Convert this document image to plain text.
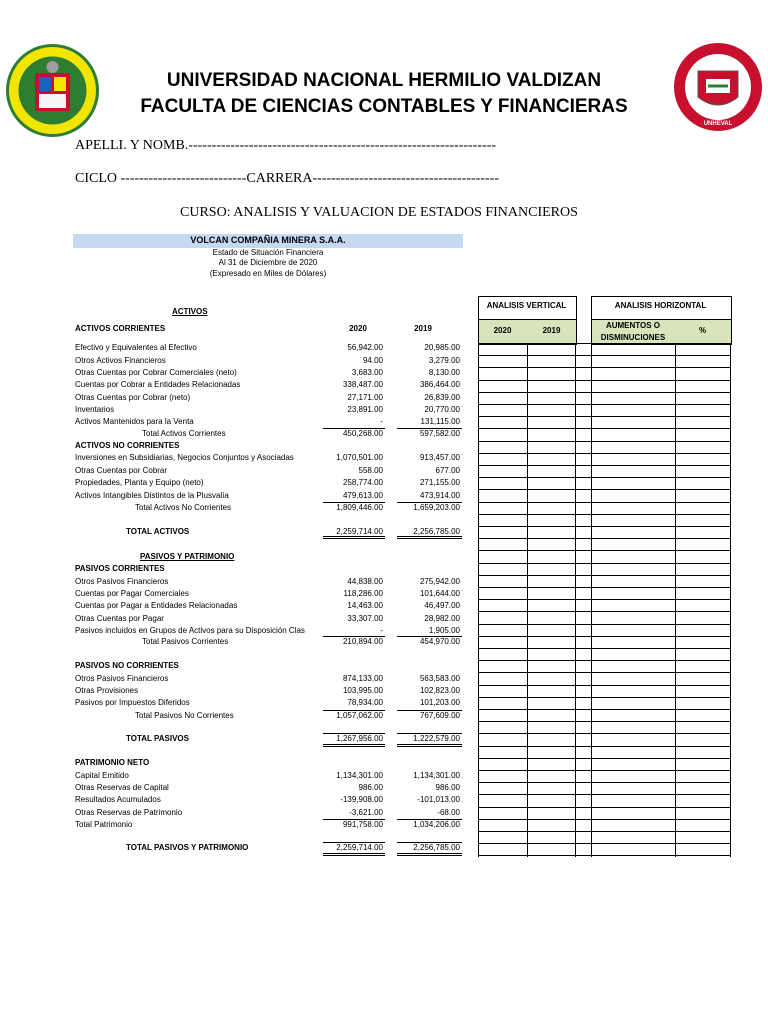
UNHEVAL
UNIVERSIDAD NACIONAL HERMILIO VALDIZAN
FACULTA DE CIENCIAS CONTABLES Y FINANCIERAS
APELLI. Y NOMB.------------------------------------------------------------------
CICLO ---------------------------CARRERA----------------------------------------
CURSO: ANALISIS Y VALUACION DE ESTADOS FINANCIEROS
VOLCAN COMPAÑIA MINERA S.A.A.
Estado de Situación Financiera
Al 31 de Diciembre de 2020
(Expresado en Miles de Dólares)
ACTIVOS
ANALISIS VERTICAL
2020	2019
ANALISIS HORIZONTAL
AUMENTOS O
DISMINUCIONES
%
ACTIVOS CORRIENTES	2020	2019
Efectivo y Equivalentes al Efectivo	56,942.00	20,985.00
Otros Activos Financieros	94.00	3,279.00
Otras Cuentas por Cobrar Comerciales (neto)	3,683.00	8,130.00
Cuentas por Cobrar a Entidades Relacionadas	338,487.00	386,464.00
Otras Cuentas por Cobrar (neto)	27,171.00	26,839.00
Inventarios	23,891.00	20,770.00
Activos Mantenidos para la Venta	-	131,115.00
Total Activos Corrientes	450,268.00	597,582.00
ACTIVOS NO CORRIENTES
Inversiones en Subsidiarias, Negocios Conjuntos y Asociadas	1,070,501.00	913,457.00
Otras Cuentas por Cobrar	558.00	677.00
Propiedades, Planta y Equipo (neto)	258,774.00	271,155.00
Activos Intangibles Distintos de la Plusvalía	479,613.00	473,914.00
Total Activos No Corrientes	1,809,446.00	1,659,203.00
TOTAL ACTIVOS	2,259,714.00	2,256,785.00
PASIVOS Y PATRIMONIO
PASIVOS CORRIENTES
Otros Pasivos Financieros	44,838.00	275,942.00
Cuentas por Pagar Comerciales	118,286.00	101,644.00
Cuentas por Pagar a Entidades Relacionadas	14,463.00	46,497.00
Otras Cuentas por Pagar	33,307.00	28,982.00
Pasivos incluidos en Grupos de Activos para su Disposición Clas	-	1,905.00
Total Pasivos Corrientes	210,894.00	454,970.00
PASIVOS NO CORRIENTES
Otros Pasivos Financieros	874,133.00	563,583.00
Otras Provisiones	103,995.00	102,823.00
Pasivos por Impuestos Diferidos	78,934.00	101,203.00
Total Pasivos No Corrientes	1,057,062.00	767,609.00
TOTAL PASIVOS	1,267,956.00	1,222,579.00
PATRIMONIO NETO
Capital Emitido	1,134,301.00	1,134,301.00
Otras Reservas de Capital	986.00	986.00
Resultados Acumulados	-139,908.00	-101,013.00
Otras Reservas de Patrimonio	-3,621.00	-68.00
Total Patrimonio	991,758.00	1,034,206.00
TOTAL PASIVOS Y PATRIMONIO	2,259,714.00	2,256,785.00
